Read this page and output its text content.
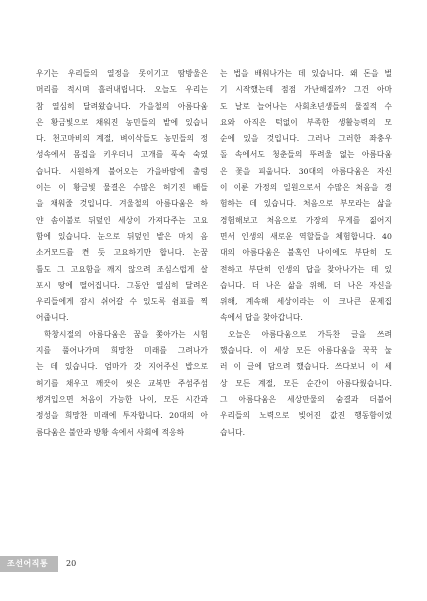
우기는 우리들의 열정을 못이기고 땀방울은
머리를 적시며 흘러내립니다. 오늘도 우리는
참 열심히 달려왔습니다. 가을철의 아름다움
은 황금빛으로 채워진 농민들의 밭에 있습니
다. 천고마비의 계절, 벼이삭들도 농민들의 정
성속에서 몸집을 키우더니 고개를 푹숙 숙였
습니다. 시원하게 불어오는 가을바람에 출렁
이는 이 황금빛 물결은 수많은 허기진 배들
을 채워줄 것입니다. 겨울철의 아름다움은 하
얀 솜이불로 뒤덮인 세상이 가져다주는 고요
함에 있습니다. 눈으로 뒤덮인 밭은 마치 음
소거모드를 켠 듯 고요하기만 합니다. 논꿈
틀도 그 고요함을 깨지 않으려 조심스럽게 살
포시 땅에 떨어집니다. 그동안 열심히 달려온
우리들에게 잠시 쉬어갈 수 있도록 쉼표를 찍
어줍니다.
학창시절의 아름다움은 꿈을 쫓아가는 시험
지를 풀어나가며 희망찬 미래를 그려나가
는 데 있습니다. 엄마가 갓 지어주신 밥으로
허기를 채우고 깨끗이 씻은 교복만 주섬주섬
챙겨입으면 처음이 가능한 나이, 모든 시간과
정성을 희망찬 미래에 투자합니다. 20대의 아
름다움은 불안과 방황 속에서 사회에 적응하
는 법을 배워나가는 데 있습니다. 왜 돈을 벌
기 시작했는데 점점 가난해질까? 그건 아마
도 날로 늘어나는 사회초년생들의 물질적 수
요와 아직은 턱없이 부족한 생활능력의 모
순에 있을 것입니다. 그러나 그러한 좌충우
돌 속에서도 청춘들의 뚜려울 없는 아름다움
은 꽃을 피웁니다. 30대의 아름다움은 자신
이 이룬 가정의 일원으로서 수많은 처음을 경
험하는 데 있습니다. 처음으로 부모라는 삶을
경험해보고 처음으로 가장의 무게를 짊어지
면서 인생의 새로운 역할들을 체험합니다. 40
대의 아름다움은 불혹인 나이에도 부단히 도
전하고 부단히 인생의 답을 찾아나가는 데 있
습니다. 더 나은 삶을 위해, 더 나은 자신을
위해, 계속해 세상이라는 이 크나큰 문제집
속에서 답을 찾아갑니다.
오늘은 아름다움으로 가득찬 글을 쓰려
했습니다. 이 세상 모든 아름다움을 꾹꾹 눌
러 이 글에 담으려 했습니다. 쓰다보니 이 세
상 모든 계절, 모든 순간이 아름다웠습니다.
그 아름다움은 세상만물의 숨결과 더불어
우리들의 노력으로 빚어진 값진 행동함이었
습니다.
조선어직통 20
